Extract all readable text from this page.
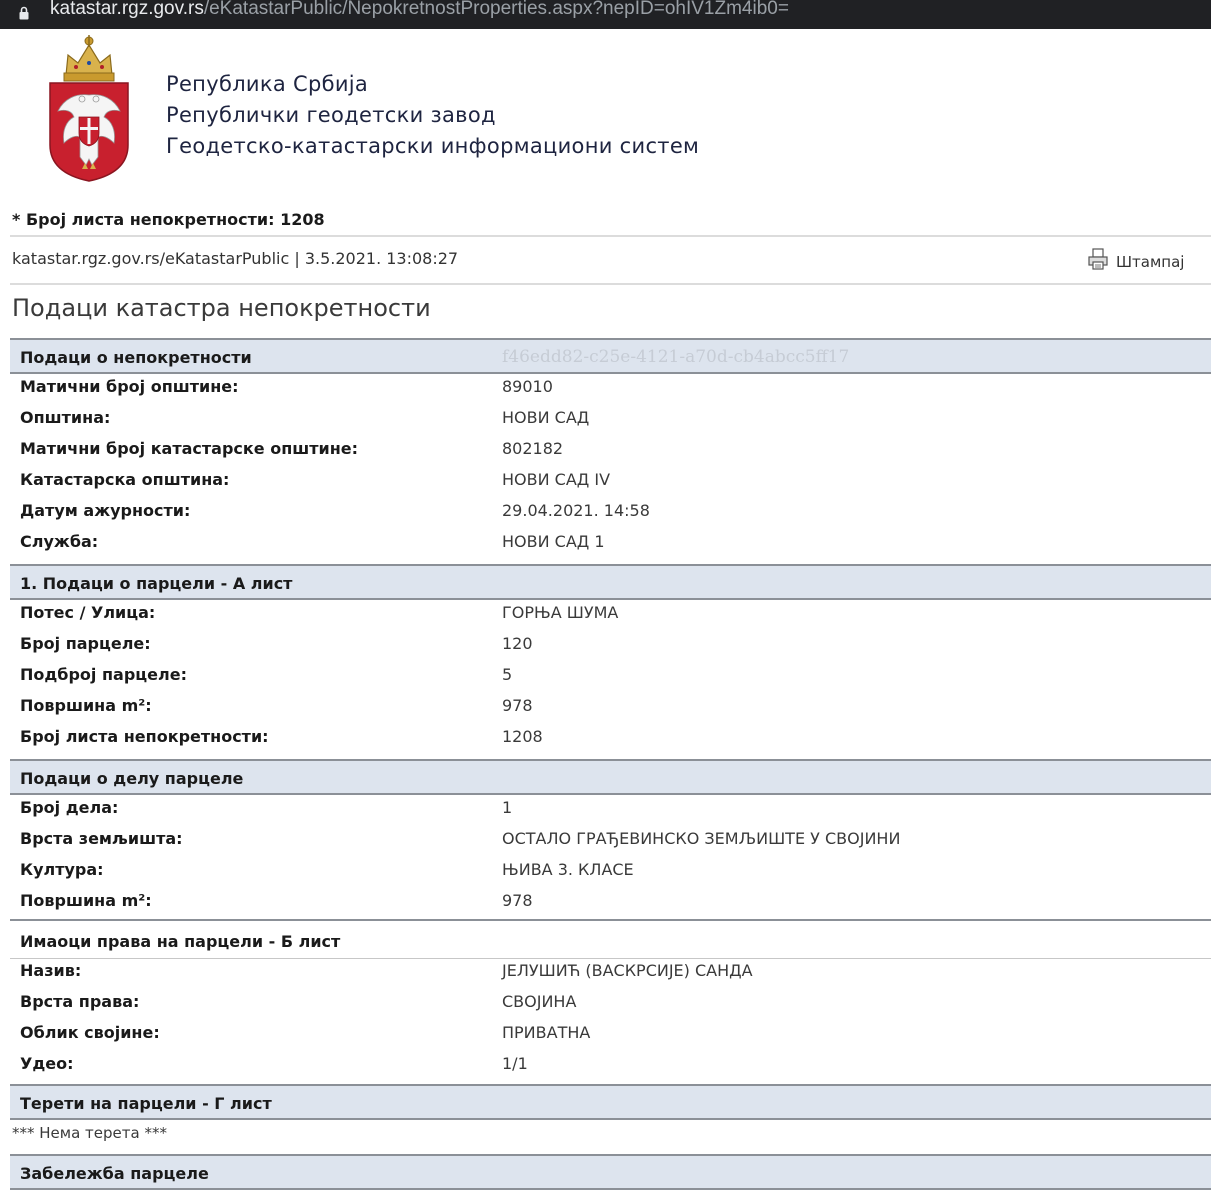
katastar.rgz.gov.rs/eKatastarPublic/NepokretnostProperties.aspx?nepID=ohIV1Zm4ib0=
Република Србија
Републички геодетски завод
Геодетско-катастарски информациони систем
* Број листа непокретности: 1208
katastar.rgz.gov.rs/eKatastarPublic | 3.5.2021. 13:08:27	Штампај
Подаци катастра непокретности
Подаци о непокретности	f46edd82-c25e-4121-a70d-cb4abcc5ff17
Матични број општине:	89010
Општина:	НОВИ САД
Матични број катастарске општине:	802182
Катастарска општина:	НОВИ САД IV
Датум ажурности:	29.04.2021. 14:58
Служба:	НОВИ САД 1
1. Подаци о парцели - А лист
Потес / Улица:	ГОРЊА ШУМА
Број парцеле:	120
Подброј парцеле:	5
Површина m²:	978
Број листа непокретности:	1208
Подаци о делу парцеле
Број дела:	1
Врста земљишта:	ОСТАЛО ГРАЂЕВИНСКО ЗЕМЉИШТЕ У СВОЈИНИ
Култура:	ЊИВА 3. КЛАСЕ
Површина m²:	978
Имаоци права на парцели - Б лист
Назив:	ЈЕЛУШИЋ (ВАСКРСИЈЕ) САНДА
Врста права:	СВОЈИНА
Облик својине:	ПРИВАТНА
Удео:	1/1
Терети на парцели - Г лист
*** Нема терета ***
Забележба парцеле
